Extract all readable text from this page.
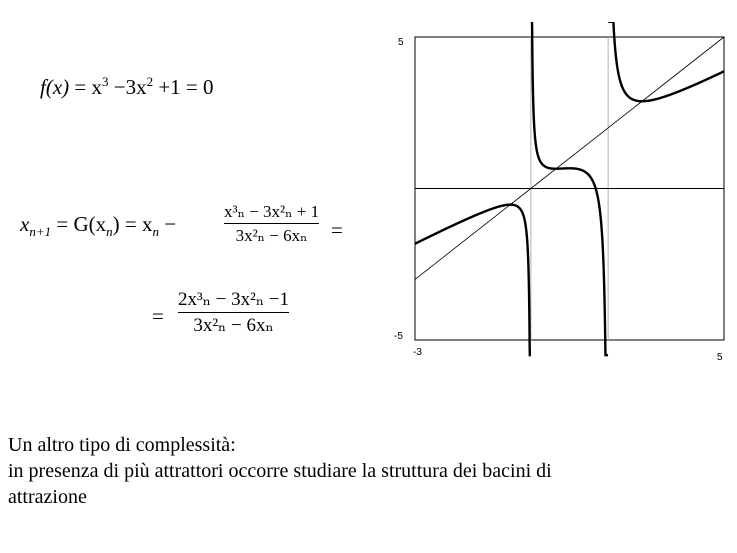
$f(x) = x^3 -3x^2 +1 = 0$
$x_{n+1} = G(x_n) = x_n$ −
x³ₙ − 3x²ₙ + 1
3x²ₙ − 6xₙ	=
=
2x³ₙ − 3x²ₙ −1
3x²ₙ − 6xₙ
5
-5
-3	5
Un altro tipo di complessità:
in presenza di più attrattori occorre studiare la struttura dei bacini di
attrazione
